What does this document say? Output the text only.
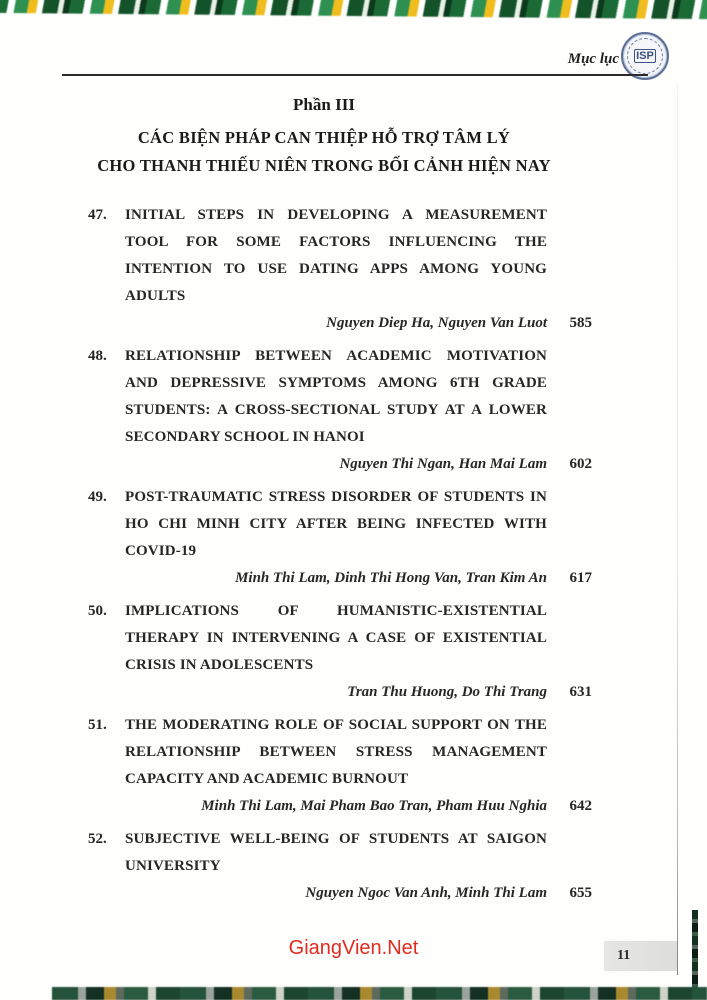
Mục lục ISP
Phần III
CÁC BIỆN PHÁP CAN THIỆP HỖ TRỢ TÂM LÝ
CHO THANH THIẾU NIÊN TRONG BỐI CẢNH HIỆN NAY
47.	INITIAL STEPS IN DEVELOPING A MEASUREMENT TOOL FOR SOME FACTORS INFLUENCING THE INTENTION TO USE DATING APPS AMONG YOUNG ADULTS
Nguyen Diep Ha, Nguyen Van Luot	585
48.	RELATIONSHIP BETWEEN ACADEMIC MOTIVATION AND DEPRESSIVE SYMPTOMS AMONG 6TH GRADE STUDENTS: A CROSS-SECTIONAL STUDY AT A LOWER SECONDARY SCHOOL IN HANOI
Nguyen Thi Ngan, Han Mai Lam	602
49.	POST-TRAUMATIC STRESS DISORDER OF STUDENTS IN HO CHI MINH CITY AFTER BEING INFECTED WITH COVID-19
Minh Thi Lam, Dinh Thi Hong Van, Tran Kim An	617
50.	IMPLICATIONS OF HUMANISTIC-EXISTENTIAL THERAPY IN INTERVENING A CASE OF EXISTENTIAL CRISIS IN ADOLESCENTS
Tran Thu Huong, Do Thi Trang	631
51.	THE MODERATING ROLE OF SOCIAL SUPPORT ON THE RELATIONSHIP BETWEEN STRESS MANAGEMENT CAPACITY AND ACADEMIC BURNOUT
Minh Thi Lam, Mai Pham Bao Tran, Pham Huu Nghia	642
52.	SUBJECTIVE WELL-BEING OF STUDENTS AT SAIGON UNIVERSITY
Nguyen Ngoc Van Anh, Minh Thi Lam	655
GiangVien.Net	11
